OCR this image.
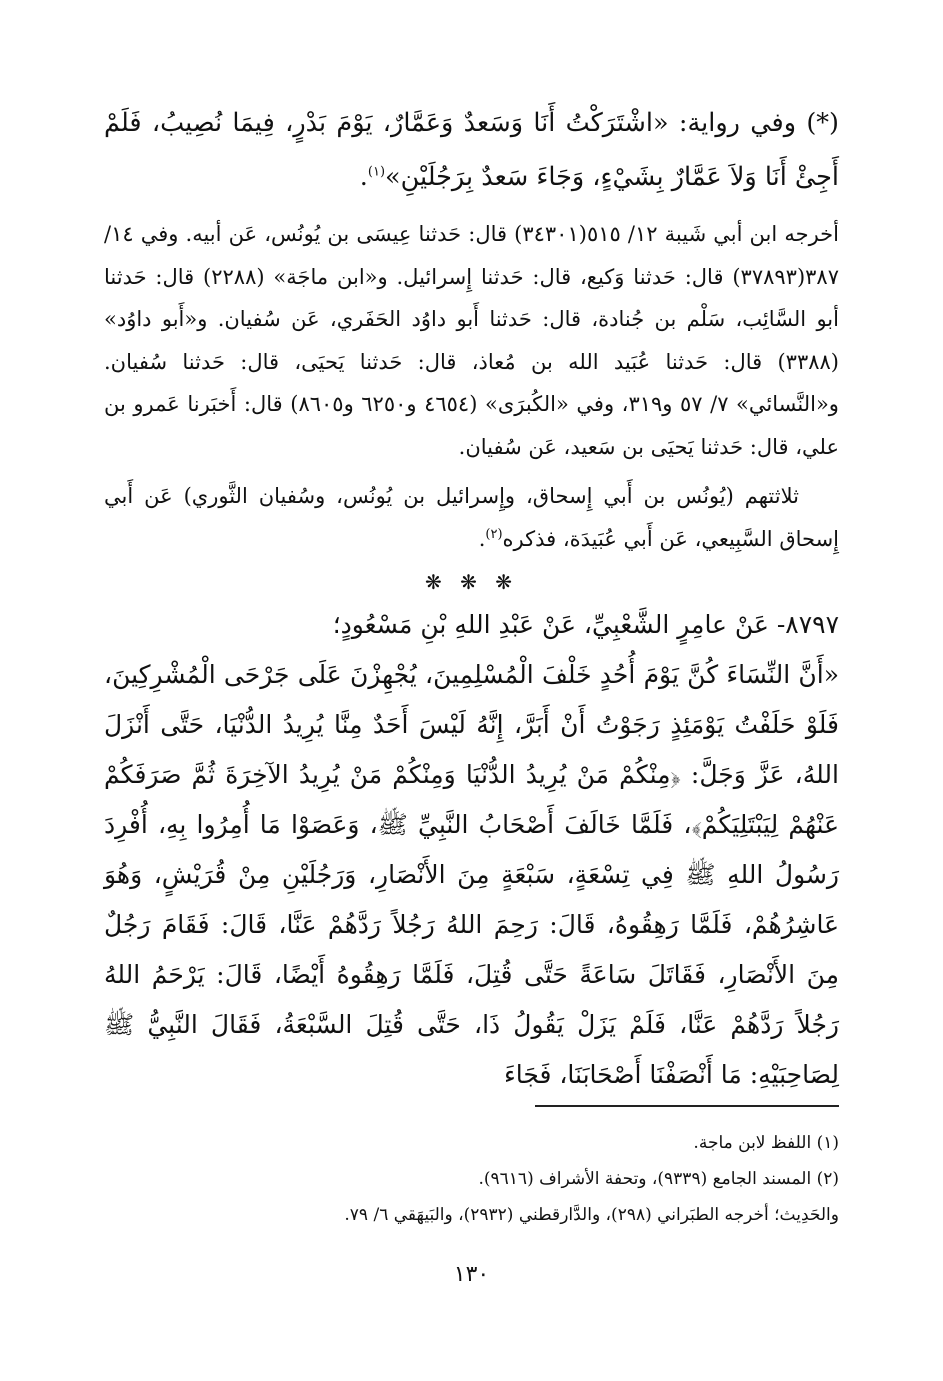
(*) وفي رواية: «اشْتَرَكْتُ أَنَا وَسَعدٌ وَعَمَّارٌ، يَوْمَ بَدْرٍ، فِيمَا نُصِيبُ، فَلَمْ أَجِئْ أَنَا وَلاَ عَمَّارٌ بِشَيْءٍ، وَجَاءَ سَعدٌ بِرَجُلَيْنِ»$^{(١)}$.

أخرجه ابن أبي شَيبة ١٢/ ٥١٥(٣٤٣٠١) قال: حَدثنا عِيسَى بن يُونُس، عَن أبيه. وفي ١٤/ ٣٨٧(٣٧٨٩٣) قال: حَدثنا وَكيع، قال: حَدثنا إِسرائيل. و«ابن ماجَة» (٢٢٨٨) قال: حَدثنا أبو السَّائِب، سَلْم بن جُنادة، قال: حَدثنا أَبو داوُد الحَفَري، عَن سُفيان. و«أَبو داوُد» (٣٣٨٨) قال: حَدثنا عُبَيد الله بن مُعاذ، قال: حَدثنا يَحيَى، قال: حَدثنا سُفيان. و«النَّسائي» ٧/ ٥٧ و٣١٩، وفي «الكُبرَى» (٤٦٥٤ و٦٢٥٠ و٨٦٠٥) قال: أَخبَرنا عَمرو بن علي، قال: حَدثنا يَحيَى بن سَعيد، عَن سُفيان.

ثلاثتهم (يُونُس بن أَبي إِسحاق، وإِسرائيل بن يُونُس، وسُفيان الثَّوري) عَن أَبي إِسحاق السَّبِيعي، عَن أَبي عُبَيدَة، فذكره$^{(٢)}$.

❋ ❋ ❋

٨٧٩٧- عَنْ عامِرٍ الشَّعْبِيِّ، عَنْ عَبْدِ اللهِ بْنِ مَسْعُودٍ؛

«أَنَّ النِّسَاءَ كُنَّ يَوْمَ أُحُدٍ خَلْفَ الْمُسْلِمِينَ، يُجْهِزْنَ عَلَى جَرْحَى الْمُشْرِكِينَ، فَلَوْ حَلَفْتُ يَوْمَئِذٍ رَجَوْتُ أَنْ أَبَرَّ، إِنَّهُ لَيْسَ أَحَدٌ مِنَّا يُرِيدُ الدُّنْيَا، حَتَّى أَنْزَلَ اللهُ، عَزَّ وَجَلَّ: ﴿مِنْكُمْ مَنْ يُرِيدُ الدُّنْيَا وَمِنْكُمْ مَنْ يُرِيدُ الآخِرَةَ ثُمَّ صَرَفَكُمْ عَنْهُمْ لِيَبْتَلِيَكُمْ﴾، فَلَمَّا خَالَفَ أَصْحَابُ النَّبِيِّ ﷺ، وَعَصَوْا مَا أُمِرُوا بِهِ، أُفْرِدَ رَسُولُ اللهِ ﷺ فِي تِسْعَةٍ، سَبْعَةٍ مِنَ الأَنْصَارِ، وَرَجُلَيْنِ مِنْ قُرَيْشٍ، وَهُوَ عَاشِرُهُمْ، فَلَمَّا رَهِقُوهُ، قَالَ: رَحِمَ اللهُ رَجُلاً رَدَّهُمْ عَنَّا، قَالَ: فَقَامَ رَجُلٌ مِنَ الأَنْصَارِ، فَقَاتَلَ سَاعَةً حَتَّى قُتِلَ، فَلَمَّا رَهِقُوهُ أَيْضًا، قَالَ: يَرْحَمُ اللهُ رَجُلاً رَدَّهُمْ عَنَّا، فَلَمْ يَزَلْ يَقُولُ ذَا، حَتَّى قُتِلَ السَّبْعَةُ، فَقَالَ النَّبِيُّ ﷺ لِصَاحِبَيْهِ: مَا أَنْصَفْنَا أَصْحَابَنَا، فَجَاءَ

(١) اللفظ لابن ماجة.

(٢) المسند الجامع (٩٣٣٩)، وتحفة الأشراف (٩٦١٦).

والحَدِيث؛ أخرجه الطبَراني (٢٩٨)، والدَّارقطني (٢٩٣٢)، والبَيهَقي ٦/ ٧٩.

١٣٠
